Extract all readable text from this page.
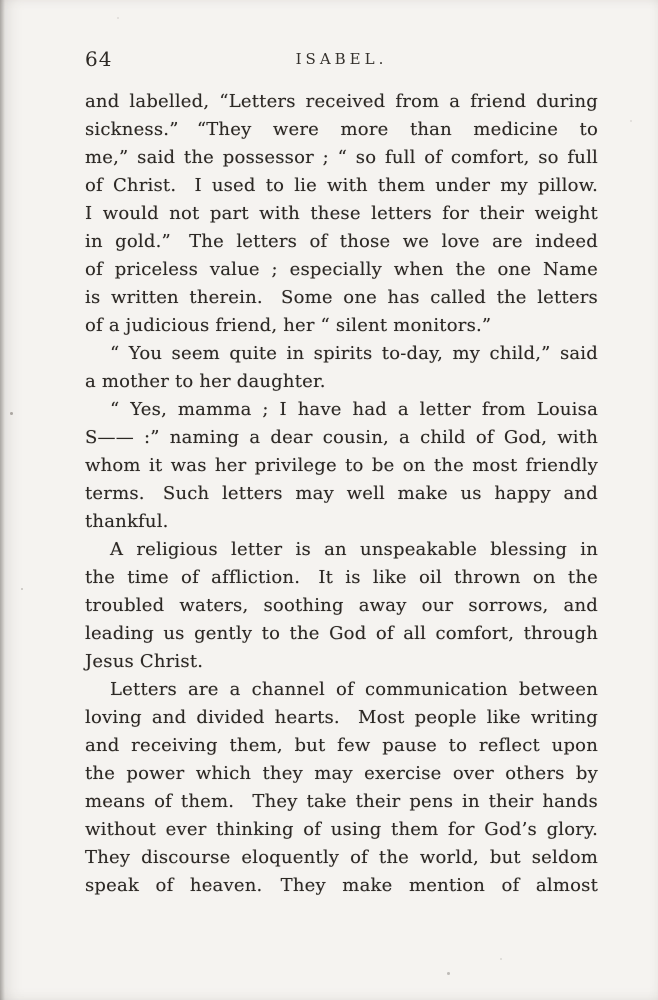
64	ISABEL.
and labelled, “Letters received from a friend during
sickness.” “They were more than medicine to
me,” said the possessor ; “ so full of comfort, so full
of Christ. I used to lie with them under my pillow.
I would not part with these letters for their weight
in gold.” The letters of those we love are indeed
of priceless value ; especially when the one Name
is written therein. Some one has called the letters
of a judicious friend, her “ silent monitors.”
“ You seem quite in spirits to-day, my child,” said
a mother to her daughter.
“ Yes, mamma ; I have had a letter from Louisa
S—— :” naming a dear cousin, a child of God, with
whom it was her privilege to be on the most friendly
terms. Such letters may well make us happy and
thankful.
A religious letter is an unspeakable blessing in
the time of affliction. It is like oil thrown on the
troubled waters, soothing away our sorrows, and
leading us gently to the God of all comfort, through
Jesus Christ.
Letters are a channel of communication between
loving and divided hearts. Most people like writing
and receiving them, but few pause to reflect upon
the power which they may exercise over others by
means of them. They take their pens in their hands
without ever thinking of using them for God’s glory.
They discourse eloquently of the world, but seldom
speak of heaven. They make mention of almost
